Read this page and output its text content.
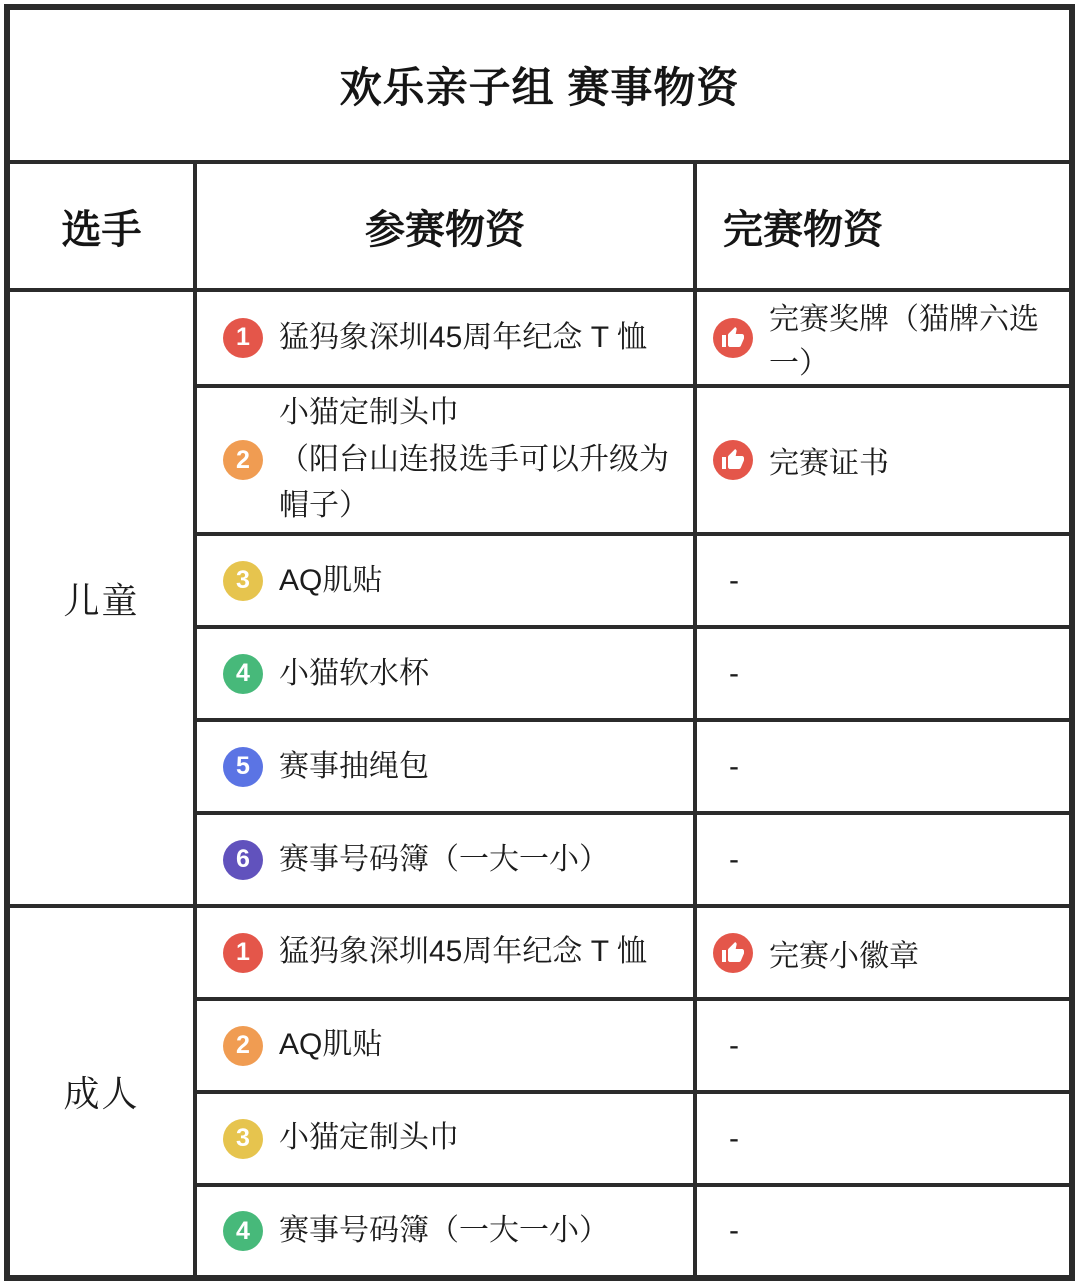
欢乐亲子组 赛事物资		
选手	参赛物资	完赛物资
儿童	1 猛犸象深圳45周年纪念 T 恤	完赛奖牌（猫牌六选一）

2
小猫定制头巾
（阳台山连报选手可以升级为帽子）	完赛证书

3 AQ肌贴	-

4 小猫软水杯	-

5 赛事抽绳包	-

6 赛事号码簿（一大一小）	-
成人	1 猛犸象深圳45周年纪念 T 恤	完赛小徽章

2 AQ肌贴	-

3 小猫定制头巾	-

4 赛事号码簿（一大一小）	-
